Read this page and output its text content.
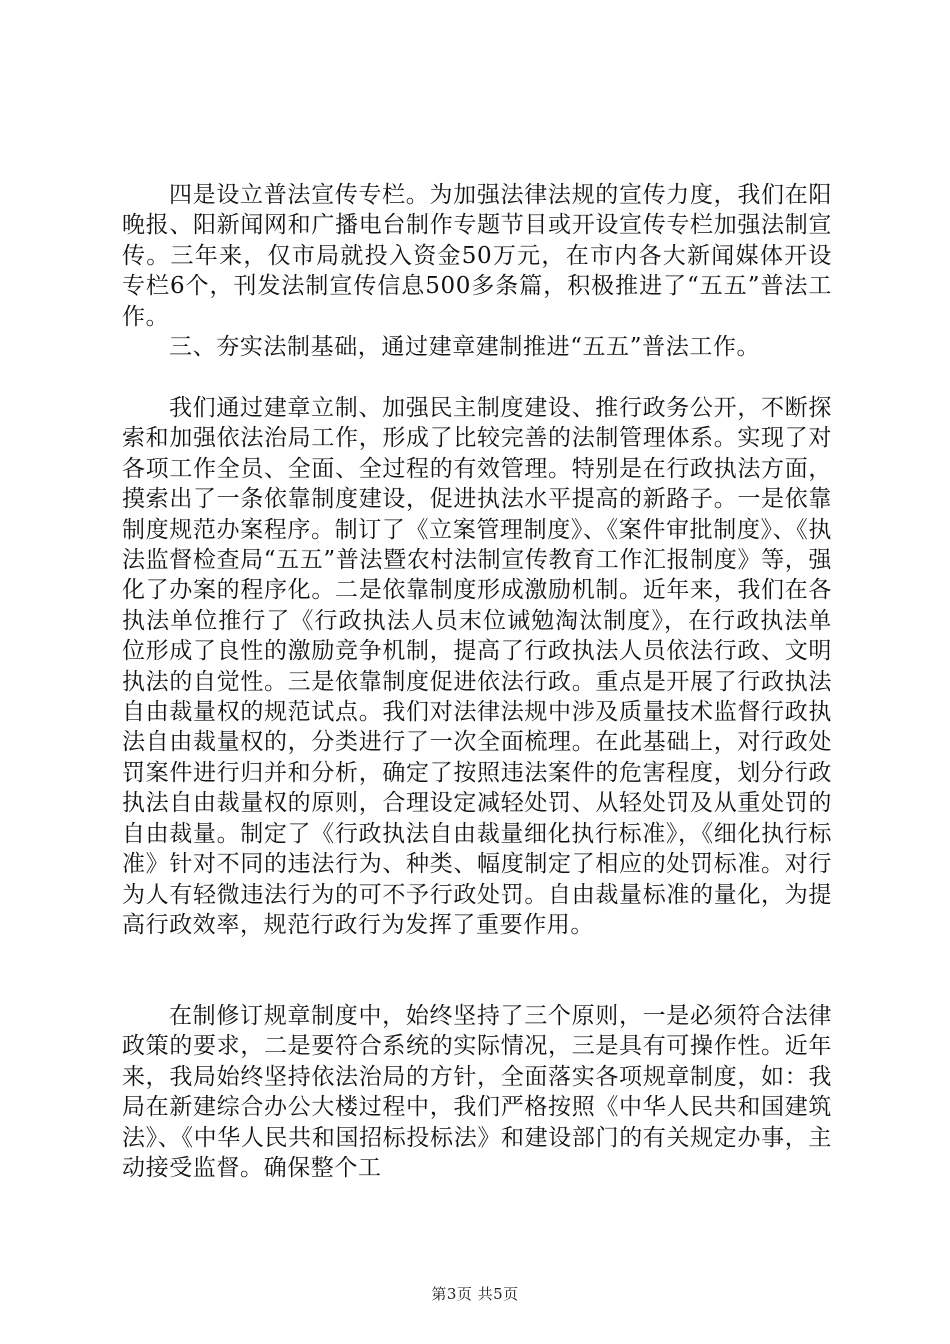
四是设立普法宣传专栏。为加强法律法规的宣传力度，我们在阳晚报、阳新闻网和广播电台制作专题节目或开设宣传专栏加强法制宣传。三年来，仅市局就投入资金50万元，在市内各大新闻媒体开设专栏6个，刊发法制宣传信息500多条篇，积极推进了“五五”普法工作。

三、夯实法制基础，通过建章建制推进“五五”普法工作。

我们通过建章立制、加强民主制度建设、推行政务公开，不断探索和加强依法治局工作，形成了比较完善的法制管理体系。实现了对各项工作全员、全面、全过程的有效管理。特别是在行政执法方面，摸索出了一条依靠制度建设，促进执法水平提高的新路子。一是依靠制度规范办案程序。制订了《立案管理制度》、《案件审批制度》、《执法监督检查局“五五”普法暨农村法制宣传教育工作汇报制度》等，强化了办案的程序化。二是依靠制度形成激励机制。近年来，我们在各执法单位推行了《行政执法人员末位诫勉淘汰制度》，在行政执法单位形成了良性的激励竞争机制，提高了行政执法人员依法行政、文明执法的自觉性。三是依靠制度促进依法行政。重点是开展了行政执法自由裁量权的规范试点。我们对法律法规中涉及质量技术监督行政执法自由裁量权的，分类进行了一次全面梳理。在此基础上，对行政处罚案件进行归并和分析，确定了按照违法案件的危害程度，划分行政执法自由裁量权的原则，合理设定减轻处罚、从轻处罚及从重处罚的自由裁量。制定了《行政执法自由裁量细化执行标准》，《细化执行标准》针对不同的违法行为、种类、幅度制定了相应的处罚标准。对行为人有轻微违法行为的可不予行政处罚。自由裁量标准的量化，为提高行政效率，规范行政行为发挥了重要作用。

在制修订规章制度中，始终坚持了三个原则，一是必须符合法律政策的要求，二是要符合系统的实际情况，三是具有可操作性。近年来，我局始终坚持依法治局的方针，全面落实各项规章制度，如：我局在新建综合办公大楼过程中，我们严格按照《中华人民共和国建筑法》、《中华人民共和国招标投标法》和建设部门的有关规定办事，主动接受监督。确保整个工

第3页 共5页
